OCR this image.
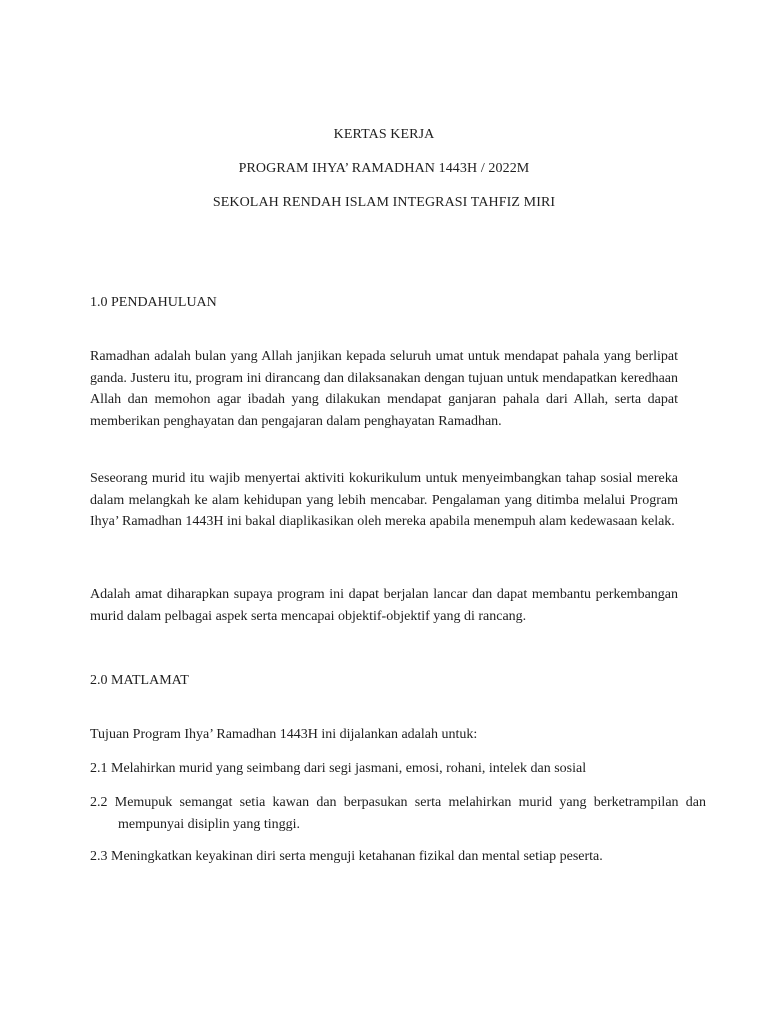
KERTAS KERJA
PROGRAM IHYA’ RAMADHAN 1443H / 2022M
SEKOLAH RENDAH ISLAM INTEGRASI TAHFIZ MIRI
1.0 PENDAHULUAN
Ramadhan adalah bulan yang Allah janjikan kepada seluruh umat untuk mendapat pahala yang berlipat ganda. Justeru itu, program ini dirancang dan dilaksanakan dengan tujuan untuk mendapatkan keredhaan Allah dan memohon agar ibadah yang dilakukan mendapat ganjaran pahala dari Allah, serta dapat memberikan penghayatan dan pengajaran dalam penghayatan Ramadhan.
Seseorang murid itu wajib menyertai aktiviti kokurikulum untuk menyeimbangkan tahap sosial mereka dalam melangkah ke alam kehidupan yang lebih mencabar. Pengalaman yang ditimba melalui Program Ihya’ Ramadhan 1443H ini bakal diaplikasikan oleh mereka apabila menempuh alam kedewasaan kelak.
Adalah amat diharapkan supaya program ini dapat berjalan lancar dan dapat membantu perkembangan murid dalam pelbagai aspek serta mencapai objektif-objektif yang di rancang.
2.0 MATLAMAT
Tujuan Program Ihya’ Ramadhan 1443H ini dijalankan adalah untuk:
2.1 Melahirkan murid yang seimbang dari segi jasmani, emosi, rohani, intelek dan sosial
2.2 Memupuk semangat setia kawan dan berpasukan serta melahirkan murid yang berketrampilan dan mempunyai disiplin yang tinggi.
2.3 Meningkatkan keyakinan diri serta menguji ketahanan fizikal dan mental setiap peserta.
